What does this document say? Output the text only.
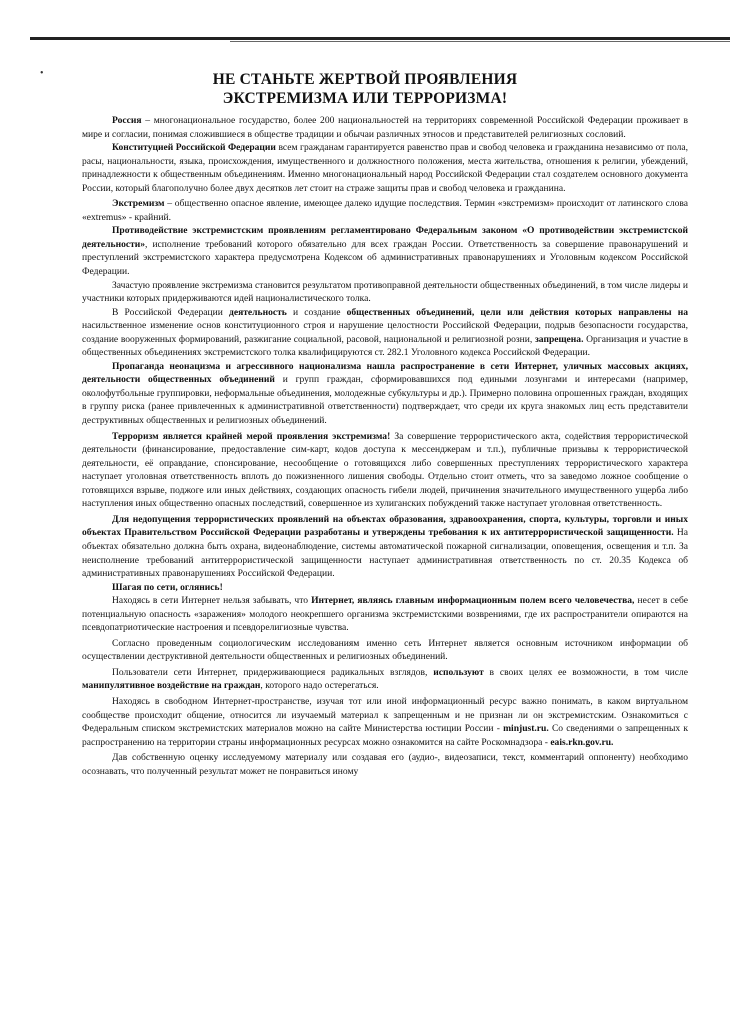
•	НЕ СТАНЬТЕ ЖЕРТВОЙ ПРОЯВЛЕНИЯ
ЭКСТРЕМИЗМА ИЛИ ТЕРРОРИЗМА!

Россия – многонациональное государство, более 200 национальностей на территориях современной Российской Федерации проживает в мире и согласии, понимая сложившиеся в обществе традиции и обычаи различных этносов и представителей религиозных сословий.

Конституцией Российской Федерации всем гражданам гарантируется равенство прав и свобод человека и гражданина независимо от пола, расы, национальности, языка, происхождения, имущественного и должностного положения, места жительства, отношения к религии, убеждений, принадлежности к общественным объединениям. Именно многонациональный народ Российской Федерации стал создателем основного документа России, который благополучно более двух десятков лет стоит на страже защиты прав и свобод человека и гражданина.

Экстремизм – общественно опасное явление, имеющее далеко идущие последствия. Термин «экстремизм» происходит от латинского слова «extremus» - крайний.

Противодействие экстремистским проявлениям регламентировано Федеральным законом «О противодействии экстремистской деятельности», исполнение требований которого обязательно для всех граждан России. Ответственность за совершение правонарушений и преступлений экстремистского характера предусмотрена Кодексом об административных правонарушениях и Уголовным кодексом Российской Федерации.

Зачастую проявление экстремизма становится результатом противоправной деятельности общественных объединений, в том числе лидеры и участники которых придерживаются идей националистического толка.

В Российской Федерации деятельность и создание общественных объединений, цели или действия которых направлены на насильственное изменение основ конституционного строя и нарушение целостности Российской Федерации, подрыв безопасности государства, создание вооруженных формирований, разжигание социальной, расовой, национальной и религиозной розни, запрещена. Организация и участие в общественных объединениях экстремистского толка квалифицируются ст. 282.1 Уголовного кодекса Российской Федерации.

Пропаганда неонацизма и агрессивного национализма нашла распространение в сети Интернет, уличных массовых акциях, деятельности общественных объединений и групп граждан, сформировавшихся под едиными лозунгами и интересами (например, околофутбольные группировки, неформальные объединения, молодежные субкультуры и др.). Примерно половина опрошенных граждан, входящих в группу риска (ранее привлеченных к административной ответственности) подтверждает, что среди их круга знакомых лиц есть представители деструктивных общественных и религиозных объединений.

Терроризм является крайней мерой проявления экстремизма! За совершение террористического акта, содействия террористической деятельности (финансирование, предоставление сим-карт, кодов доступа к мессенджерам и т.п.), публичные призывы к террористической деятельности, её оправдание, спонсирование, несообщение о готовящихся либо совершенных преступлениях террористического характера наступает уголовная ответственность вплоть до пожизненного лишения свободы. Отдельно стоит отметь, что за заведомо ложное сообщение о готовящихся взрыве, поджоге или иных действиях, создающих опасность гибели людей, причинения значительного имущественного ущерба либо наступления иных общественно опасных последствий, совершенное из хулиганских побуждений также наступает уголовная ответственность.

Для недопущения террористических проявлений на объектах образования, здравоохранения, спорта, культуры, торговли и иных объектах Правительством Российской Федерации разработаны и утверждены требования к их антитеррористической защищенности. На объектах обязательно должна быть охрана, видеонаблюдение, системы автоматической пожарной сигнализации, оповещения, освещения и т.п. За неисполнение требований антитеррористической защищенности наступает административная ответственность по ст. 20.35 Кодекса об административных правонарушениях Российской Федерации.

Шагая по сети, оглянись!

Находясь в сети Интернет нельзя забывать, что Интернет, являясь главным информационным полем всего человечества, несет в себе потенциальную опасность «заражения» молодого неокрепшего организма экстремистскими возврениями, где их распространители опираются на псевдопатриотические настроения и псевдорелигиозные чувства.

Согласно проведенным социологическим исследованиям именно сеть Интернет является основным источником информации об осуществлении деструктивной деятельности общественных и религиозных объединений.

Пользователи сети Интернет, придерживающиеся радикальных взглядов, используют в своих целях ее возможности, в том числе манипулятивное воздействие на граждан, которого надо остерегаться.

Находясь в свободном Интернет-пространстве, изучая тот или иной информационный ресурс важно понимать, в каком виртуальном сообществе происходит общение, относится ли изучаемый материал к запрещенным и не признан ли он экстремистским. Ознакомиться с Федеральным списком экстремистских материалов можно на сайте Министерства юстиции России - minjust.ru. Со сведениями о запрещенных к распространению на территории страны информационных ресурсах можно ознакомится на сайте Роскомнадзора - eais.rkn.gov.ru.

Дав собственную оценку исследуемому материалу или создавая его (аудио-, видеозаписи, текст, комментарий оппоненту) необходимо осознавать, что полученный результат может не понравиться иному
